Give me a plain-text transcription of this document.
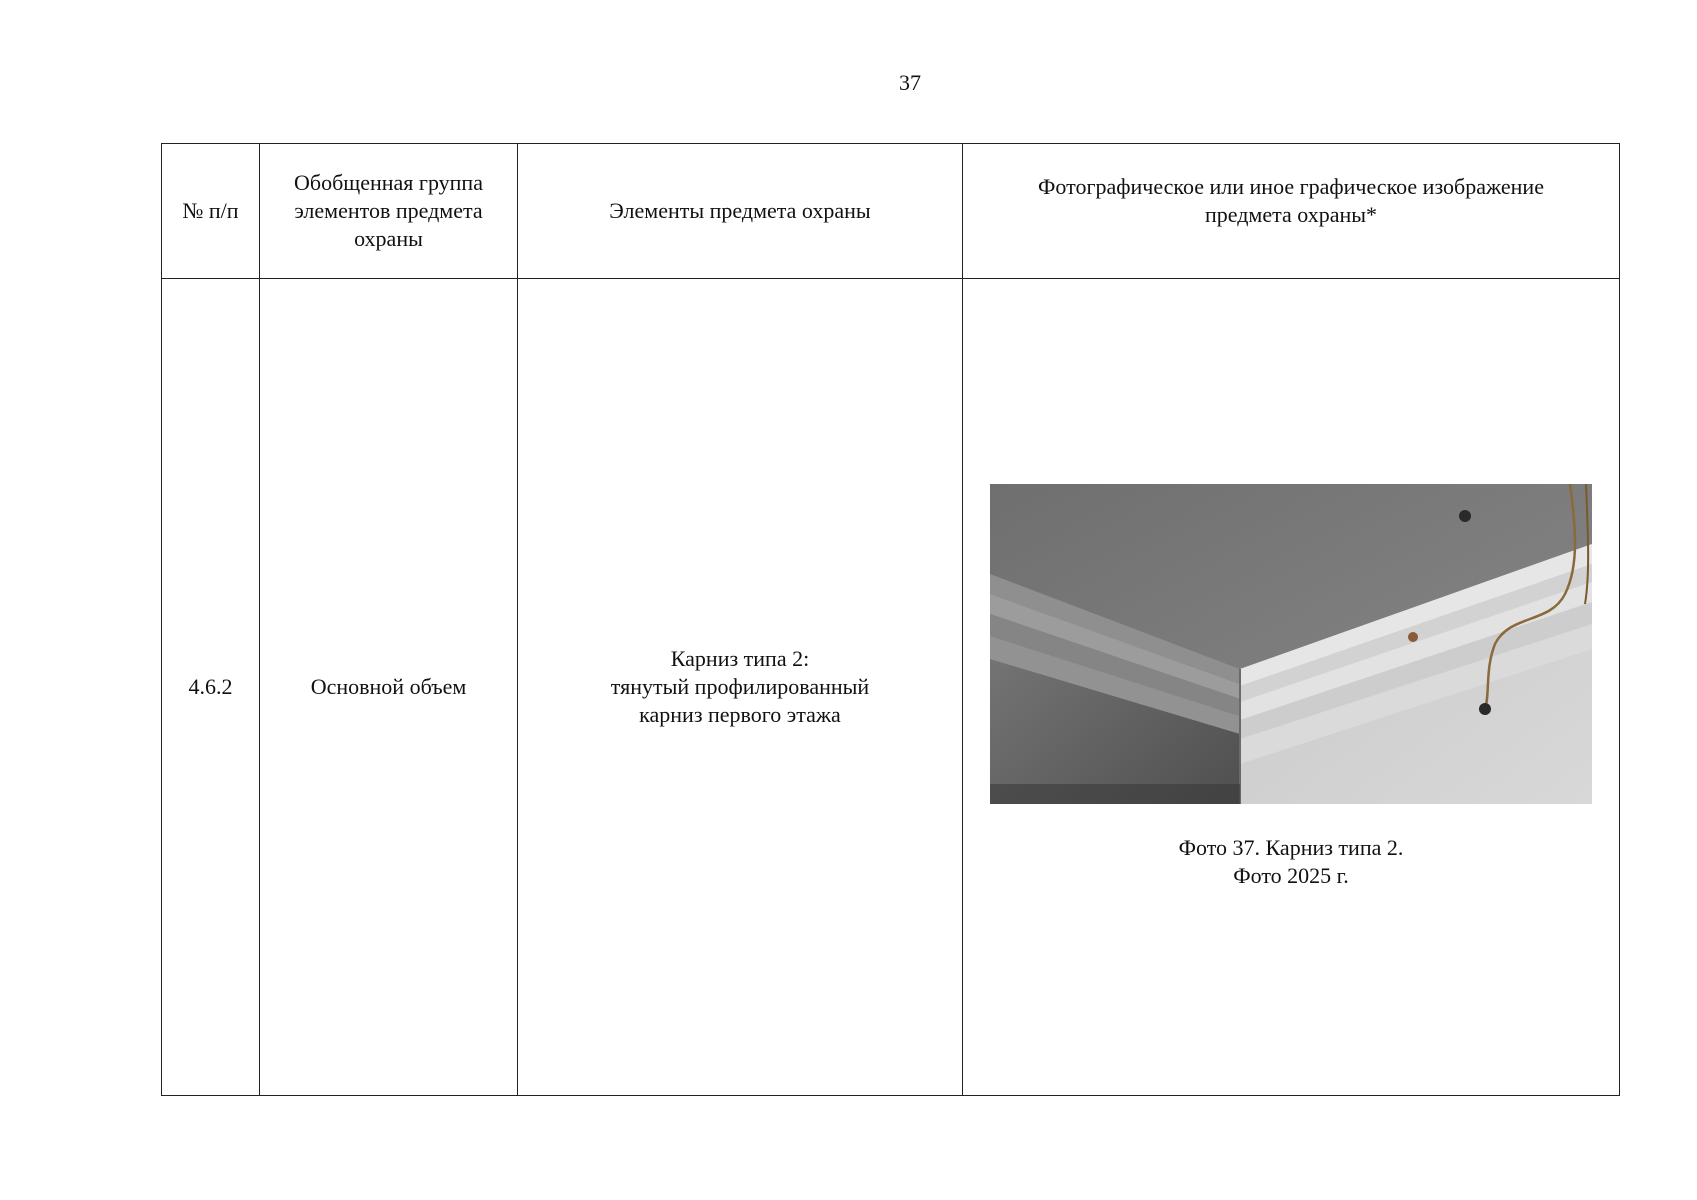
37
№ п/п	Обобщенная группа
элементов предмета
охраны	Элементы предмета охраны	Фотографическое или иное графическое изображение
предмета охраны*

4.6.2	Основной объем	Карниз типа 2:
тянутый профилированный
карниз первого этажа	Фото 37. Карниз типа 2.
Фото 2025 г.
